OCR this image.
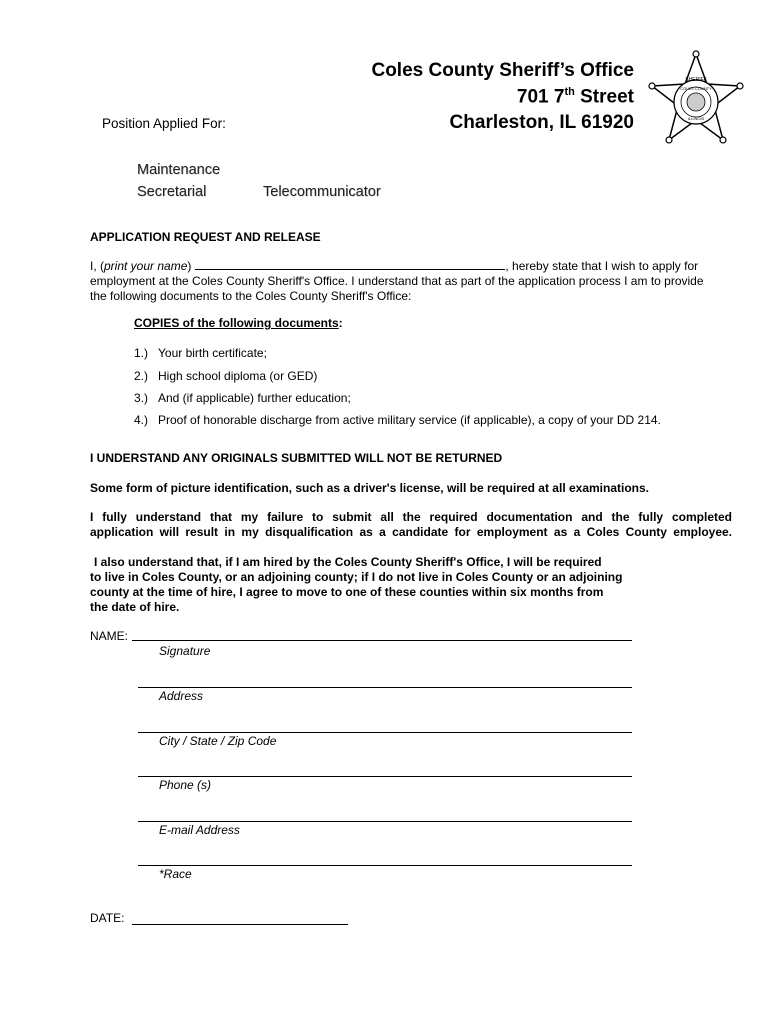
Coles County Sheriff’s Office
701 7th Street
Charleston, IL 61920
SHERIFF
COLES COUNTY
ILLINOIS
Position Applied For:
Maintenance
Secretarial	Telecommunicator
APPLICATION REQUEST AND RELEASE
I, ( print your name )	, hereby state that I wish to apply for
employment at the Coles County Sheriff's Office. I understand that as part of the application process I am to provide
the following documents to the Coles County Sheriff's Office:
COPIES of the following documents:
1.) Your birth certificate;
2.) High school diploma (or GED)
3.) And (if applicable) further education;
4.) Proof of honorable discharge from active military service (if applicable), a copy of your DD 214.
I UNDERSTAND ANY ORIGINALS SUBMITTED WILL NOT BE RETURNED
Some form of picture identification, such as a driver's license, will be required at all examinations.
I fully understand that my failure to submit all the required documentation and the fully completed
application will result in my disqualification as a candidate for employment as a Coles County employee.
I also understand that, if I am hired by the Coles County Sheriff's Office, I will be required
to live in Coles County, or an adjoining county; if I do not live in Coles County or an adjoining
county at the time of hire, I agree to move to one of these counties within six months from
the date of hire.
NAME:
Signature
Address
City / State / Zip Code
Phone (s)
E-mail Address
*Race
DATE:
